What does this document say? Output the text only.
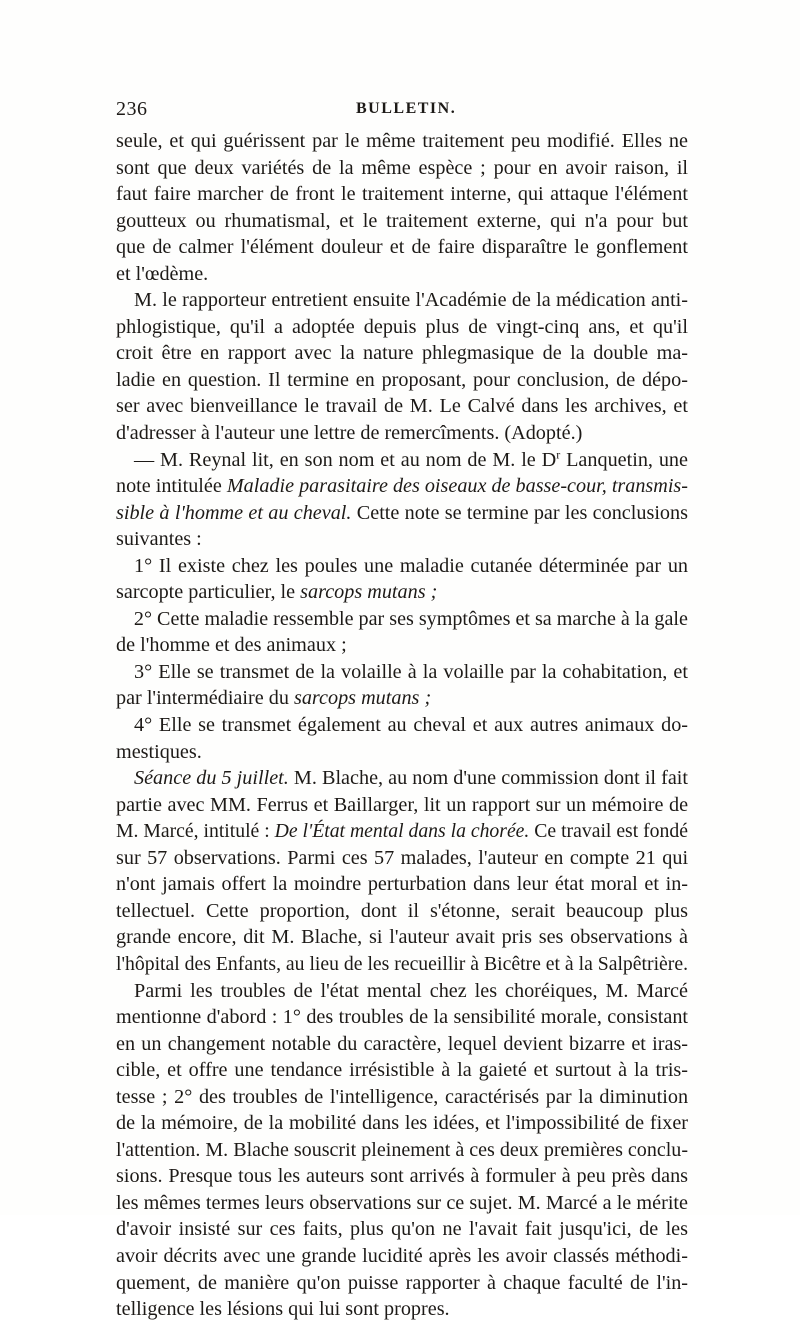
236	BULLETIN.
seule, et qui guérissent par le même traitement peu modifié. Elles ne
sont que deux variétés de la même espèce ; pour en avoir raison, il
faut faire marcher de front le traitement interne, qui attaque l'élément
goutteux ou rhumatismal, et le traitement externe, qui n'a pour but
que de calmer l'élément douleur et de faire disparaître le gonflement
et l'œdème.
M. le rapporteur entretient ensuite l'Académie de la médication anti-
phlogistique, qu'il a adoptée depuis plus de vingt-cinq ans, et qu'il
croit être en rapport avec la nature phlegmasique de la double ma-
ladie en question. Il termine en proposant, pour conclusion, de dépo-
ser avec bienveillance le travail de M. Le Calvé dans les archives, et
d'adresser à l'auteur une lettre de remercîments. (Adopté.)
— M. Reynal lit, en son nom et au nom de M. le $D^r$ Lanquetin, une
note intitulée Maladie parasitaire des oiseaux de basse-cour, transmis-
sible à l'homme et au cheval. Cette note se termine par les conclusions
suivantes :
1° Il existe chez les poules une maladie cutanée déterminée par un
sarcopte particulier, le sarcops mutans ;
2° Cette maladie ressemble par ses symptômes et sa marche à la gale
de l'homme et des animaux ;
3° Elle se transmet de la volaille à la volaille par la cohabitation, et
par l'intermédiaire du sarcops mutans ;
4° Elle se transmet également au cheval et aux autres animaux do-
mestiques.
Séance du 5 juillet. M. Blache, au nom d'une commission dont il fait
partie avec MM. Ferrus et Baillarger, lit un rapport sur un mémoire de
M. Marcé, intitulé : De l'État mental dans la chorée. Ce travail est fondé
sur 57 observations. Parmi ces 57 malades, l'auteur en compte 21 qui
n'ont jamais offert la moindre perturbation dans leur état moral et in-
tellectuel. Cette proportion, dont il s'étonne, serait beaucoup plus
grande encore, dit M. Blache, si l'auteur avait pris ses observations à
l'hôpital des Enfants, au lieu de les recueillir à Bicêtre et à la Salpêtrière.
Parmi les troubles de l'état mental chez les choréiques, M. Marcé
mentionne d'abord : 1° des troubles de la sensibilité morale, consistant
en un changement notable du caractère, lequel devient bizarre et iras-
cible, et offre une tendance irrésistible à la gaieté et surtout à la tris-
tesse ; 2° des troubles de l'intelligence, caractérisés par la diminution
de la mémoire, de la mobilité dans les idées, et l'impossibilité de fixer
l'attention. M. Blache souscrit pleinement à ces deux premières conclu-
sions. Presque tous les auteurs sont arrivés à formuler à peu près dans
les mêmes termes leurs observations sur ce sujet. M. Marcé a le mérite
d'avoir insisté sur ces faits, plus qu'on ne l'avait fait jusqu'ici, de les
avoir décrits avec une grande lucidité après les avoir classés méthodi-
quement, de manière qu'on puisse rapporter à chaque faculté de l'in-
telligence les lésions qui lui sont propres.
